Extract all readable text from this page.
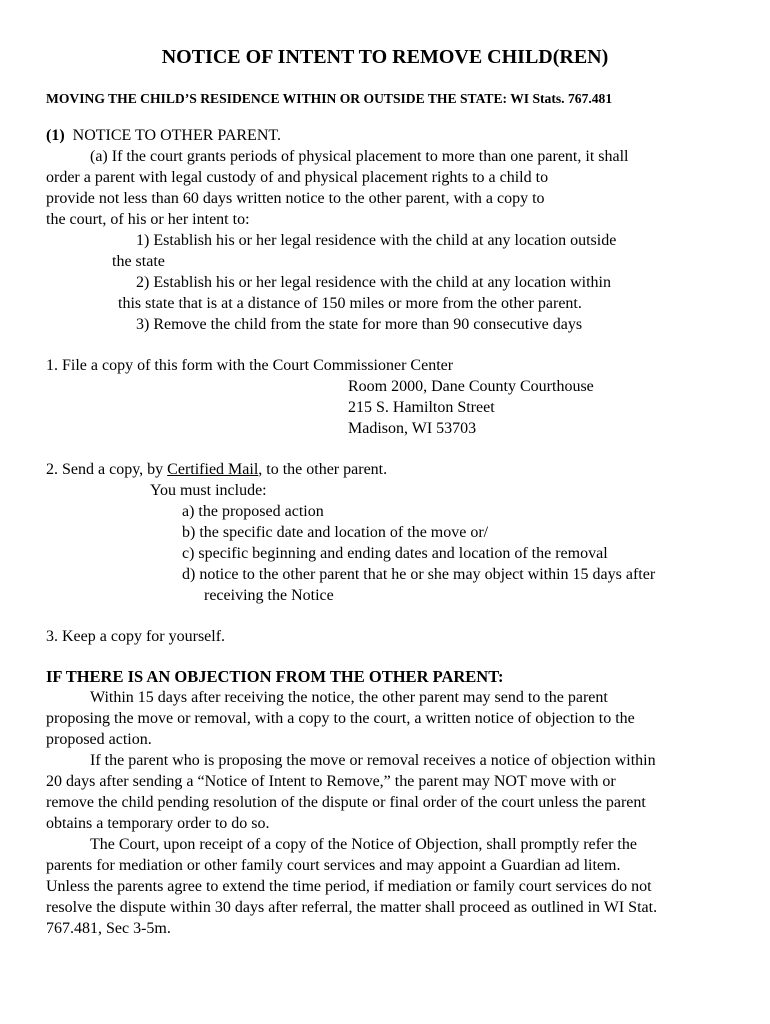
NOTICE OF INTENT TO REMOVE CHILD(REN)
MOVING THE CHILD’S RESIDENCE WITHIN OR OUTSIDE THE STATE: WI Stats. 767.481
(1) NOTICE TO OTHER PARENT.
(a) If the court grants periods of physical placement to more than one parent, it shall
order a parent with legal custody of and physical placement rights to a child to
provide not less than 60 days written notice to the other parent, with a copy to
the court, of his or her intent to:
1) Establish his or her legal residence with the child at any location outside
the state
2) Establish his or her legal residence with the child at any location within
this state that is at a distance of 150 miles or more from the other parent.
3) Remove the child from the state for more than 90 consecutive days
1. File a copy of this form with the Court Commissioner Center
Room 2000, Dane County Courthouse
215 S. Hamilton Street
Madison, WI 53703
2. Send a copy, by Certified Mail, to the other parent.
You must include:
a) the proposed action
b) the specific date and location of the move or/
c) specific beginning and ending dates and location of the removal
d) notice to the other parent that he or she may object within 15 days after
receiving the Notice
3. Keep a copy for yourself.
IF THERE IS AN OBJECTION FROM THE OTHER PARENT:
Within 15 days after receiving the notice, the other parent may send to the parent
proposing the move or removal, with a copy to the court, a written notice of objection to the
proposed action.
If the parent who is proposing the move or removal receives a notice of objection within
20 days after sending a “Notice of Intent to Remove,” the parent may NOT move with or
remove the child pending resolution of the dispute or final order of the court unless the parent
obtains a temporary order to do so.
The Court, upon receipt of a copy of the Notice of Objection, shall promptly refer the
parents for mediation or other family court services and may appoint a Guardian ad litem.
Unless the parents agree to extend the time period, if mediation or family court services do not
resolve the dispute within 30 days after referral, the matter shall proceed as outlined in WI Stat.
767.481, Sec 3-5m.
